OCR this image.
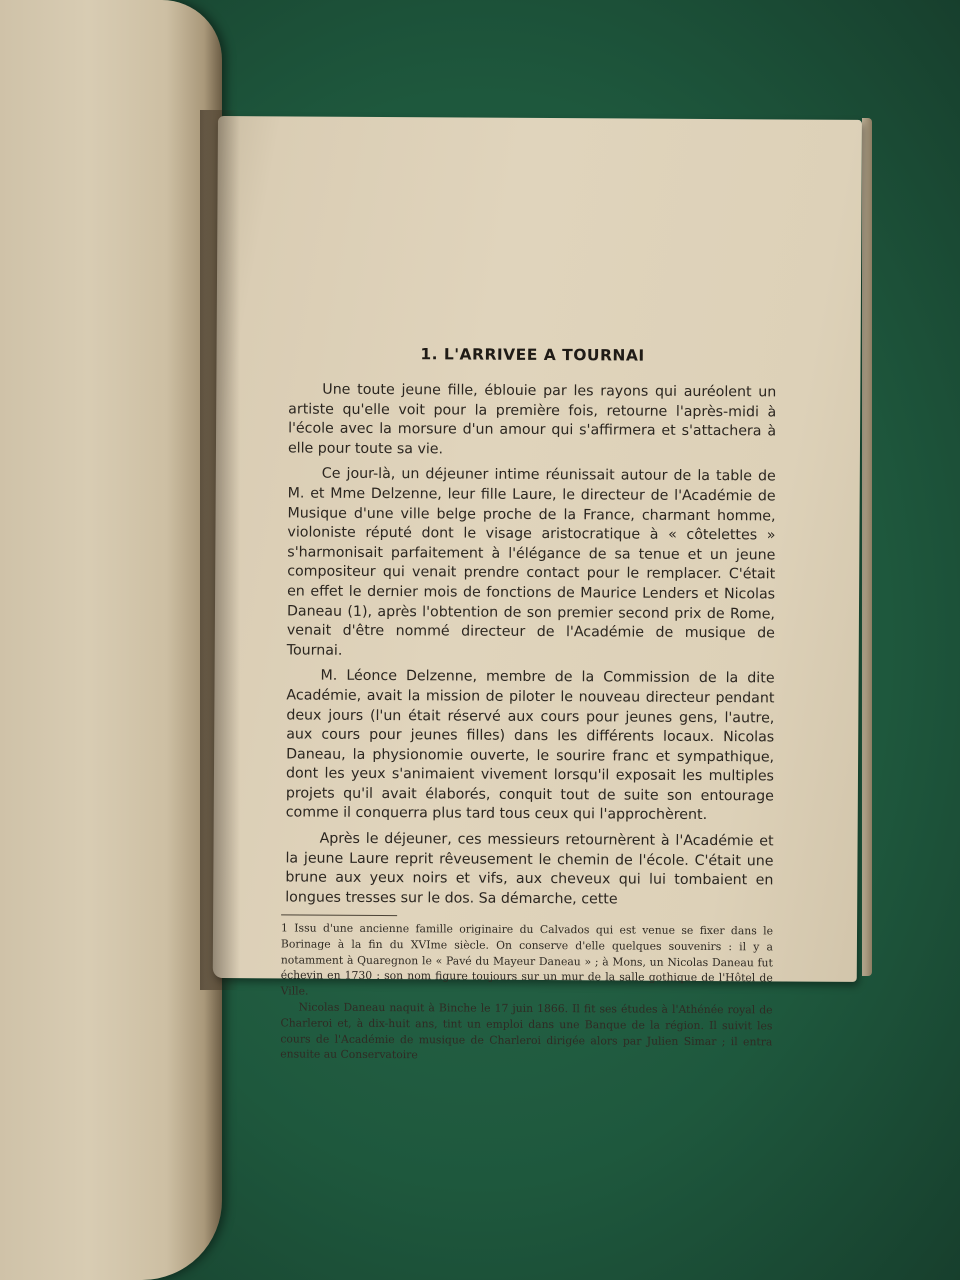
1. L'ARRIVEE A TOURNAI

Une toute jeune fille, éblouie par les rayons qui auréolent un artiste qu'elle voit pour la première fois, retourne l'après-midi à l'école avec la morsure d'un amour qui s'affirmera et s'attachera à elle pour toute sa vie.

Ce jour-là, un déjeuner intime réunissait autour de la table de M. et Mme Delzenne, leur fille Laure, le directeur de l'Académie de Musique d'une ville belge proche de la France, charmant homme, violoniste réputé dont le visage aristocratique à « côtelettes » s'harmonisait parfaitement à l'élégance de sa tenue et un jeune compositeur qui venait prendre contact pour le remplacer. C'était en effet le dernier mois de fonctions de Maurice Lenders et Nicolas Daneau (1), après l'obtention de son premier second prix de Rome, venait d'être nommé directeur de l'Académie de musique de Tournai.

M. Léonce Delzenne, membre de la Commission de la dite Académie, avait la mission de piloter le nouveau directeur pendant deux jours (l'un était réservé aux cours pour jeunes gens, l'autre, aux cours pour jeunes filles) dans les différents locaux. Nicolas Daneau, la physionomie ouverte, le sourire franc et sympathique, dont les yeux s'animaient vivement lorsqu'il exposait les multiples projets qu'il avait élaborés, conquit tout de suite son entourage comme il conquerra plus tard tous ceux qui l'approchèrent.

Après le déjeuner, ces messieurs retournèrent à l'Académie et la jeune Laure reprit rêveusement le chemin de l'école. C'était une brune aux yeux noirs et vifs, aux cheveux qui lui tombaient en longues tresses sur le dos. Sa démarche, cette

1 Issu d'une ancienne famille originaire du Calvados qui est venue se fixer dans le Borinage à la fin du XVIme siècle. On conserve d'elle quelques souvenirs : il y a notamment à Quaregnon le « Pavé du Mayeur Daneau » ; à Mons, un Nicolas Daneau fut échevin en 1730 : son nom figure toujours sur un mur de la salle gothique de l'Hôtel de Ville.

Nicolas Daneau naquit à Binche le 17 juin 1866. Il fit ses études à l'Athénée royal de Charleroi et, à dix-huit ans, tint un emploi dans une Banque de la région. Il suivit les cours de l'Académie de musique de Charleroi dirigée alors par Julien Simar ; il entra ensuite au Conservatoire
